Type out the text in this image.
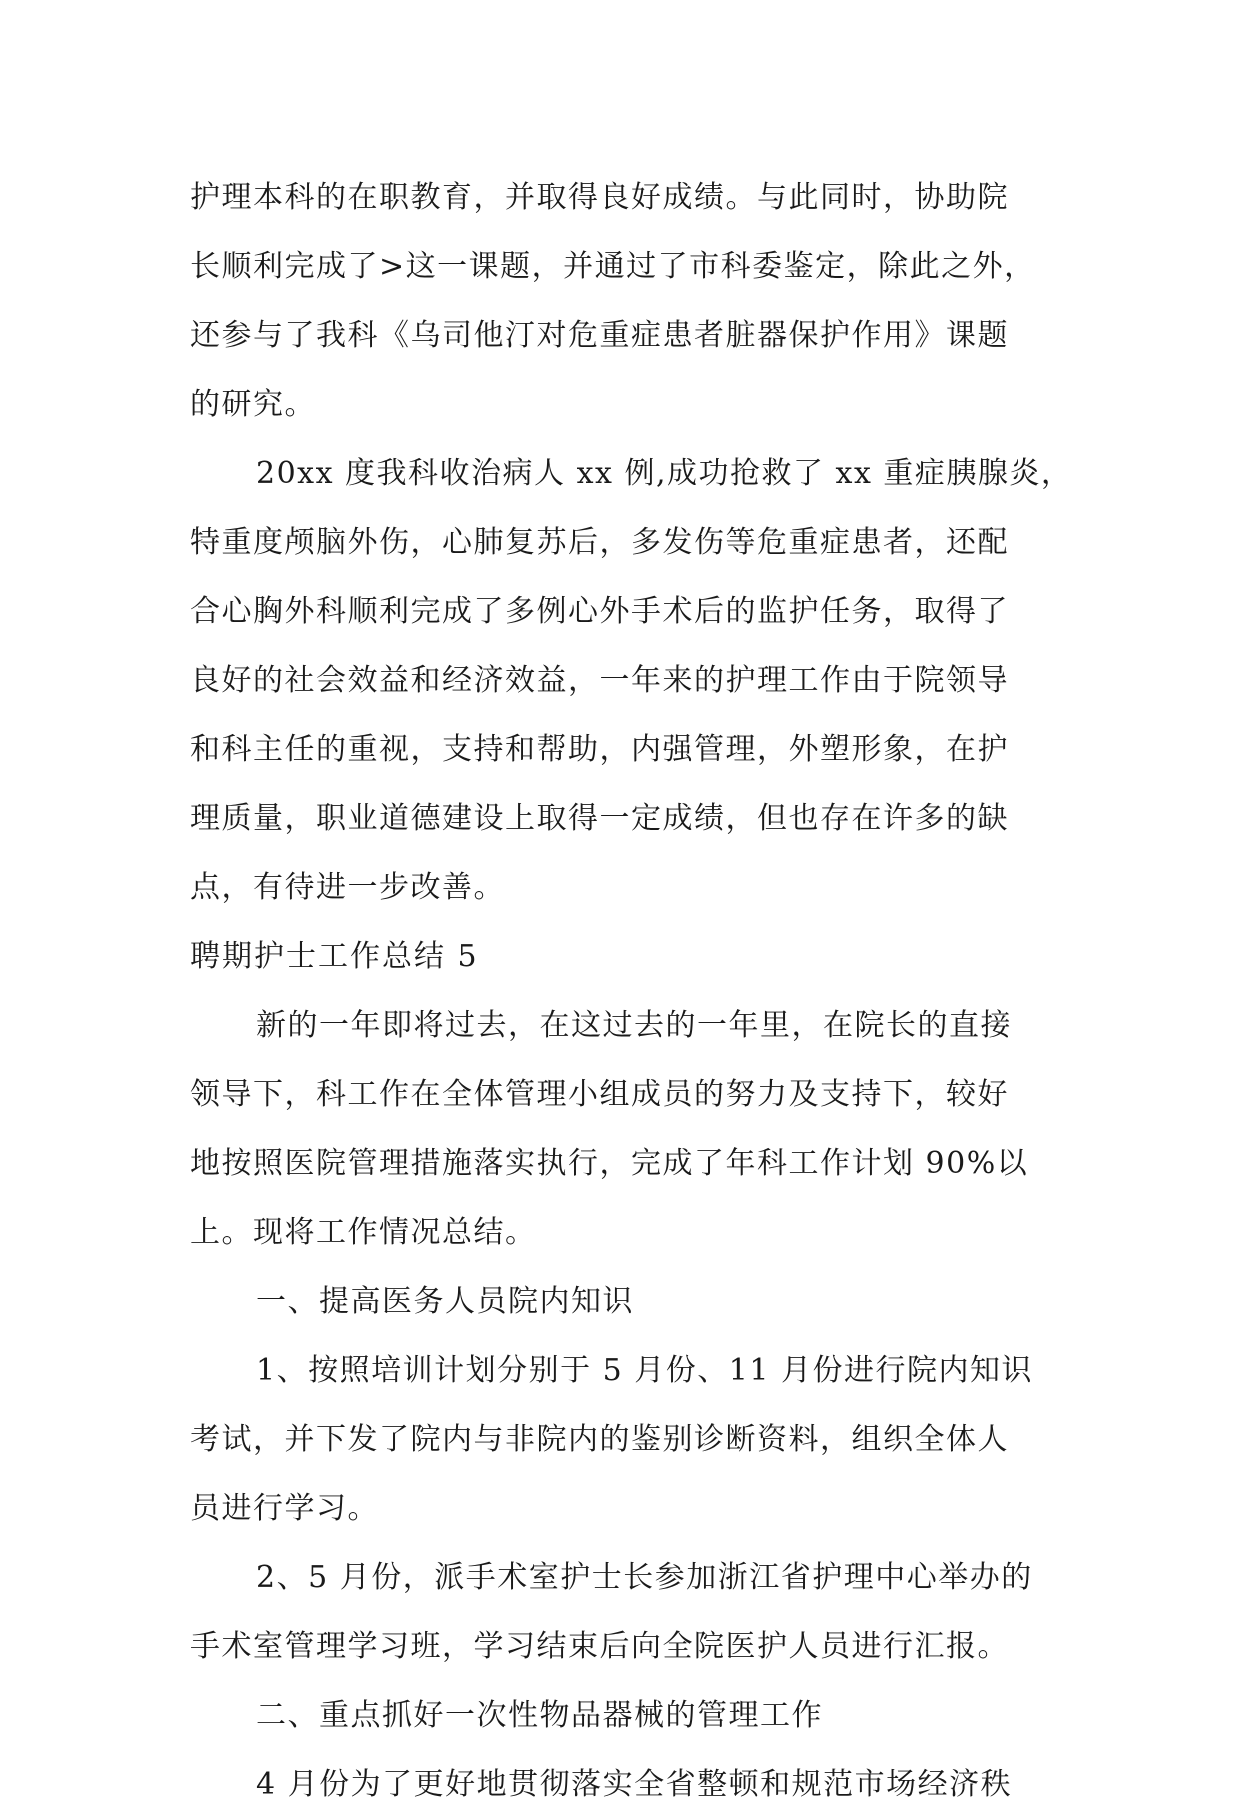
护理本科的在职教育，并取得良好成绩。与此同时，协助院
长顺利完成了>这一课题，并通过了市科委鉴定，除此之外，
还参与了我科《乌司他汀对危重症患者脏器保护作用》课题
的研究。
20xx 度我科收治病人 xx 例,成功抢救了 xx 重症胰腺炎，
特重度颅脑外伤，心肺复苏后，多发伤等危重症患者，还配
合心胸外科顺利完成了多例心外手术后的监护任务，取得了
良好的社会效益和经济效益，一年来的护理工作由于院领导
和科主任的重视，支持和帮助，内强管理，外塑形象，在护
理质量，职业道德建设上取得一定成绩，但也存在许多的缺
点，有待进一步改善。
聘期护士工作总结 5
新的一年即将过去，在这过去的一年里，在院长的直接
领导下，科工作在全体管理小组成员的努力及支持下，较好
地按照医院管理措施落实执行，完成了年科工作计划 90%以
上。现将工作情况总结。
一、提高医务人员院内知识
1、按照培训计划分别于 5 月份、11 月份进行院内知识
考试，并下发了院内与非院内的鉴别诊断资料，组织全体人
员进行学习。
2、5 月份，派手术室护士长参加浙江省护理中心举办的
手术室管理学习班，学习结束后向全院医护人员进行汇报。
二、重点抓好一次性物品器械的管理工作
4 月份为了更好地贯彻落实全省整顿和规范市场经济秩
